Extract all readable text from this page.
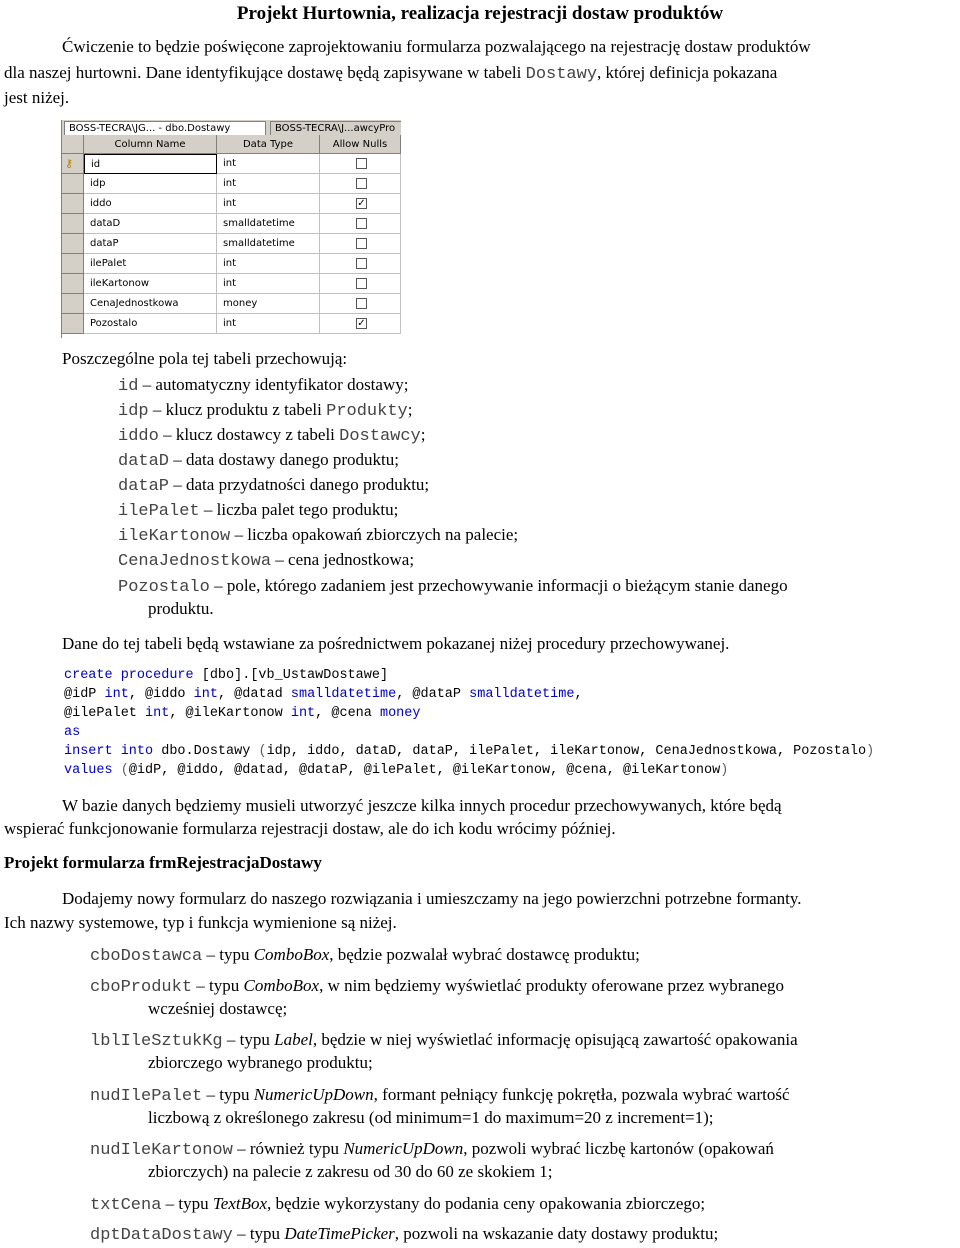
Projekt Hurtownia, realizacja rejestracji dostaw produktów

Ćwiczenie to będzie poświęcone zaprojektowaniu formularza pozwalającego na rejestrację dostaw produktów

dla naszej hurtowni. Dane identyfikujące dostawę będą zapisywane w tabeli Dostawy, której definicja pokazana

jest niżej.

BOSS-TECRA\JG... - dbo.Dostawy	BOSS-TECRA\J...awcyPro
Column Name	Data Type	Allow Nulls
⚷	id	int
idp	int
iddo	int	✓
dataD	smalldatetime
dataP	smalldatetime
ilePalet	int
ileKartonow	int
CenaJednostkowa	money
Pozostalo	int	✓

Poszczególne pola tej tabeli przechowują:

id – automatyczny identyfikator dostawy;

idp – klucz produktu z tabeli Produkty;

iddo – klucz dostawcy z tabeli Dostawcy;

dataD – data dostawy danego produktu;

dataP – data przydatności danego produktu;

ilePalet – liczba palet tego produktu;

ileKartonow – liczba opakowań zbiorczych na palecie;

CenaJednostkowa – cena jednostkowa;

Pozostalo – pole, którego zadaniem jest przechowywanie informacji o bieżącym stanie danego

produktu.

Dane do tej tabeli będą wstawiane za pośrednictwem pokazanej niżej procedury przechowywanej.

create procedure [dbo].[vb_UstawDostawe]
@idP int, @iddo int, @datad smalldatetime, @dataP smalldatetime,
@ilePalet int, @ileKartonow int, @cena money
as
insert into dbo.Dostawy (idp, iddo, dataD, dataP, ilePalet, ileKartonow, CenaJednostkowa, Pozostalo)
values (@idP, @iddo, @datad, @dataP, @ilePalet, @ileKartonow, @cena, @ileKartonow)

W bazie danych będziemy musieli utworzyć jeszcze kilka innych procedur przechowywanych, które będą

wspierać funkcjonowanie formularza rejestracji dostaw, ale do ich kodu wrócimy później.

Projekt formularza frmRejestracjaDostawy

Dodajemy nowy formularz do naszego rozwiązania i umieszczamy na jego powierzchni potrzebne formanty.

Ich nazwy systemowe, typ i funkcja wymienione są niżej.

cboDostawca – typu ComboBox, będzie pozwalał wybrać dostawcę produktu;

cboProdukt – typu ComboBox, w nim będziemy wyświetlać produkty oferowane przez wybranego

wcześniej dostawcę;

lblIleSztukKg – typu Label, będzie w niej wyświetlać informację opisującą zawartość opakowania

zbiorczego wybranego produktu;

nudIlePalet – typu NumericUpDown, formant pełniący funkcję pokrętła, pozwala wybrać wartość

liczbową z określonego zakresu (od minimum=1 do maximum=20 z increment=1);

nudIleKartonow – również typu NumericUpDown, pozwoli wybrać liczbę kartonów (opakowań

zbiorczych) na palecie z zakresu od 30 do 60 ze skokiem 1;

txtCena – typu TextBox, będzie wykorzystany do podania ceny opakowania zbiorczego;

dptDataDostawy – typu DateTimePicker, pozwoli na wskazanie daty dostawy produktu;
